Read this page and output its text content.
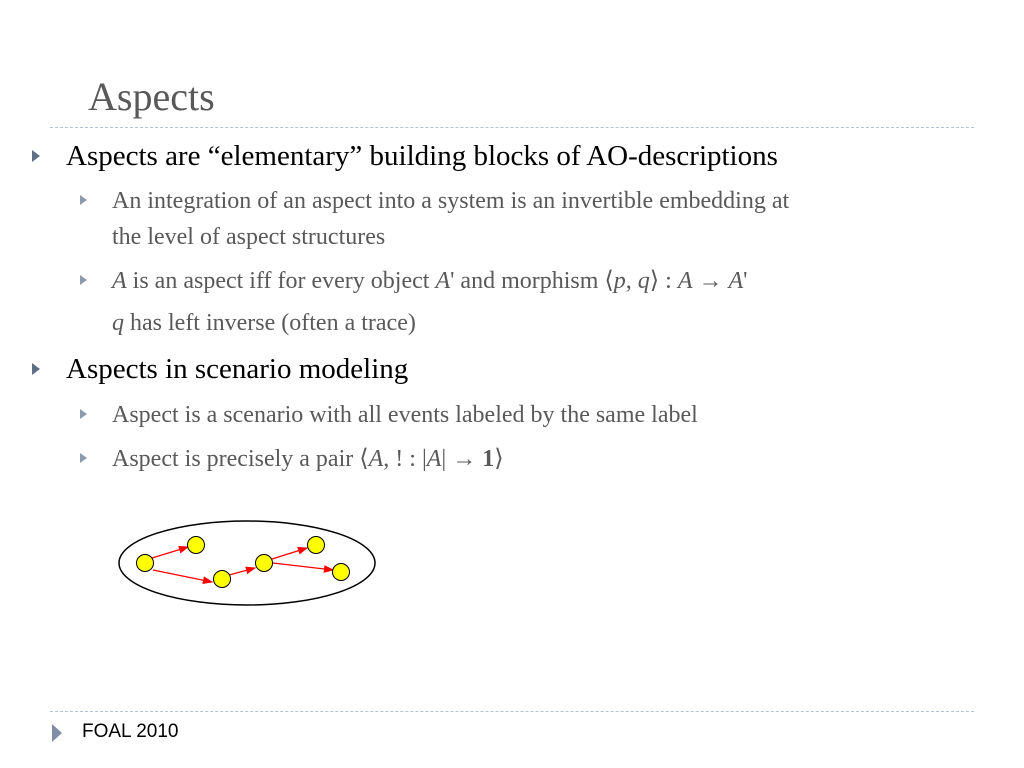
Aspects
Aspects are “elementary” building blocks of AO-descriptions
An integration of an aspect into a system is an invertible embedding at
the level of aspect structures
A is an aspect iff for every object A' and morphism ⟨p, q⟩ : A → A'
q has left inverse (often a trace)
Aspects in scenario modeling
Aspect is a scenario with all events labeled by the same label
Aspect is precisely a pair ⟨A, ! : |A| → 1⟩
FOAL 2010
